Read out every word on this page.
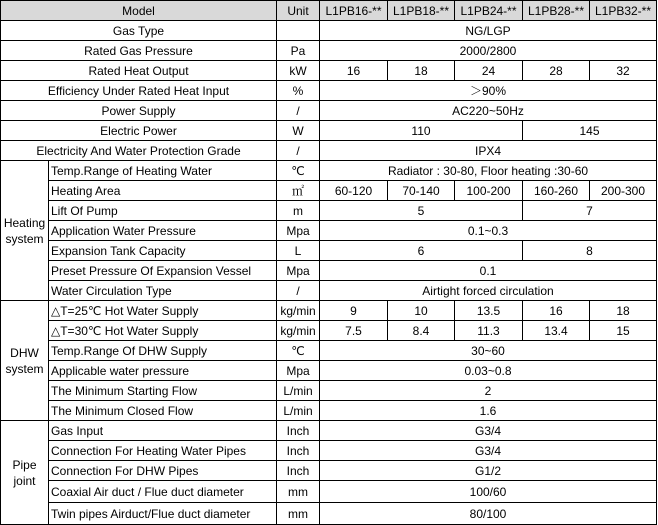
Model		Unit	L1PB16-**	L1PB18-**	L1PB24-**	L1PB28-**	L1PB32-**
Gas Type			NG/LGP				
Rated Gas Pressure		Pa	2000/2800				
Rated Heat Output		kW	16	18	24	28	32
Efficiency Under Rated Heat Input		%	＞90%				
Power Supply		/	AC220~50Hz				
Electric Power		W	110			145	
Electricity And Water Protection Grade		/	IPX4				
Heating system	Temp.Range of Heating Water	℃	Radiator : 30-80, Floor heating :30-60				
	Heating Area	㎡	60-120	70-140	100-200	160-260	200-300
	Lift Of Pump	m	5			7	
	Application Water Pressure	Mpa	0.1~0.3				
	Expansion Tank Capacity	L	6			8	
	Preset Pressure Of Expansion Vessel	Mpa	0.1				
	Water Circulation Type	/	Airtight forced circulation				
DHW system	△T=25℃ Hot Water Supply	kg/min	9	10	13.5	16	18
	△T=30℃ Hot Water Supply	kg/min	7.5	8.4	11.3	13.4	15
	Temp.Range Of DHW Supply	℃	30~60				
	Applicable water pressure	Mpa	0.03~0.8				
	The Minimum Starting Flow	L/min	2				
	The Minimum Closed Flow	L/min	1.6				
Pipe joint	Gas Input	Inch	G3/4				
	Connection For Heating Water Pipes	Inch	G3/4				
	Connection For DHW Pipes	Inch	G1/2				
	Coaxial Air duct / Flue duct diameter	mm	100/60				
	Twin pipes Airduct/Flue duct diameter	mm	80/100				
